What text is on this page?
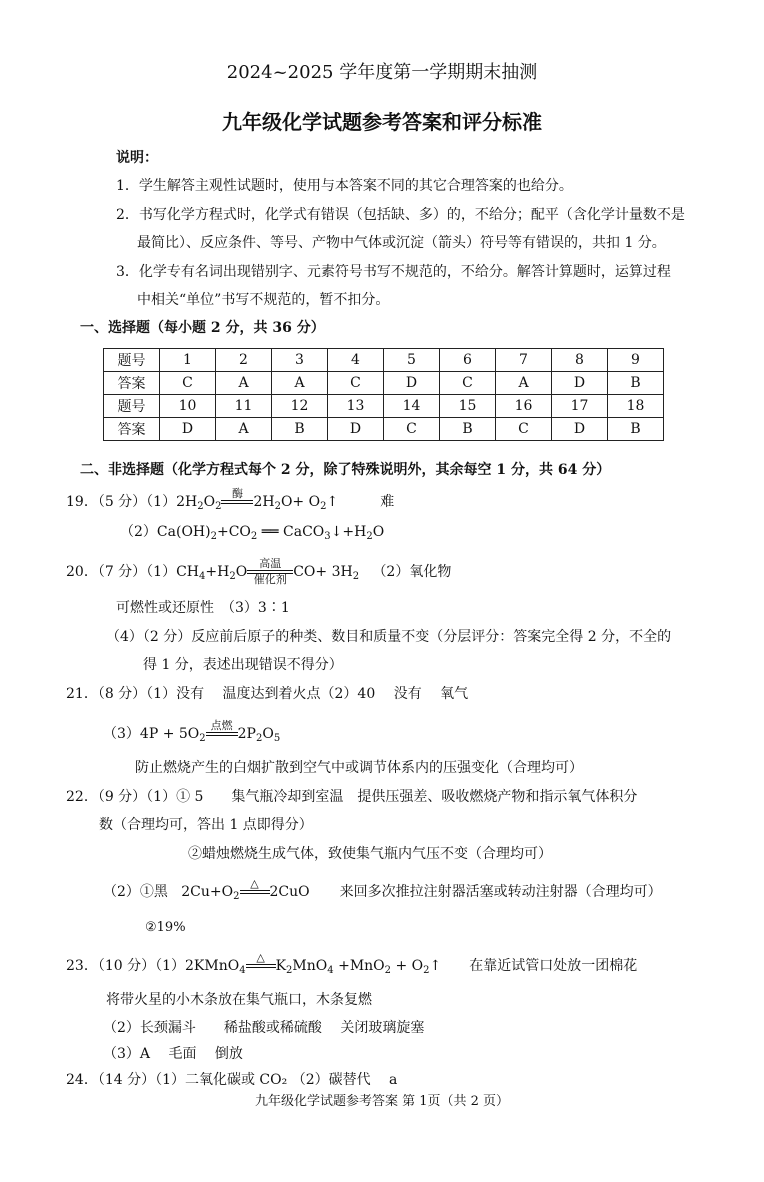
2024~2025 学年度第一学期期末抽测
九年级化学试题参考答案和评分标准
说明：
1．学生解答主观性试题时，使用与本答案不同的其它合理答案的也给分。
2．书写化学方程式时，化学式有错误（包括缺、多）的，不给分；配平（含化学计量数不是
最简比）、反应条件、等号、产物中气体或沉淀（箭头）符号等有错误的，共扣 1 分。
3．化学专有名词出现错别字、元素符号书写不规范的，不给分。解答计算题时，运算过程
中相关“单位”书写不规范的，暂不扣分。
一、选择题（每小题 2 分，共 36 分）
题号	1	2	3	4	5	6	7	8	9
答案	C	A	A	C	D	C	A	D	B
题号	10	11	12	13	14	15	16	17	18
答案	D	A	B	D	C	B	C	D	B
二、非选择题（化学方程式每个 2 分，除了特殊说明外，其余每空 1 分，共 64 分）
19．（5 分）$(1)2H_2O_2$
酶

$2H_2O+$ $O_2↑$	难
$(2)Ca(OH)_2+CO_2$ ══ $CaCO_3↓+H_2O$
20．（7 分）$(1)CH_4+H_2O$
高温
催化剂 $CO+ 3H_2$ （2）氧化物
可燃性或还原性　（3）3∶1
（4）（2 分）反应前后原子的种类、数目和质量不变（分层评分：答案完全得 2 分，不全的
得 1 分，表述出现错误不得分）
21．（8 分）（1）没有　 温度达到着火点（2）40　 没有　 氧气
$(3)4P + 5O_2$
点燃

$2P_2O_5$
防止燃烧产生的白烟扩散到空气中或调节体系内的压强变化（合理均可）
22．（9 分）（1）① 5　　集气瓶冷却到室温　提供压强差、吸收燃烧产物和指示氧气体积分
数（合理均可，答出 1 点即得分）
②蜡烛燃烧生成气体，致使集气瓶内气压不变（合理均可）
（2）①黑   $2Cu+O_2$
△

2CuO 来回多次推拉注射器活塞或转动注射器（合理均可）
②19%
23．（10 分）（1）2KMnO$_4$
△

$K_2MnO_4 +MnO_2$ + $O_2↑$ 在靠近试管口处放一团棉花
将带火星的小木条放在集气瓶口，木条复燃
（2）长颈漏斗　　稀盐酸或稀硫酸　 关闭玻璃旋塞
（3）A　 毛面　 倒放
24．（14 分）（1）二氧化碳或 CO₂ （2）碳替代　 a
九年级化学试题参考答案 第 1页（共 2 页）
